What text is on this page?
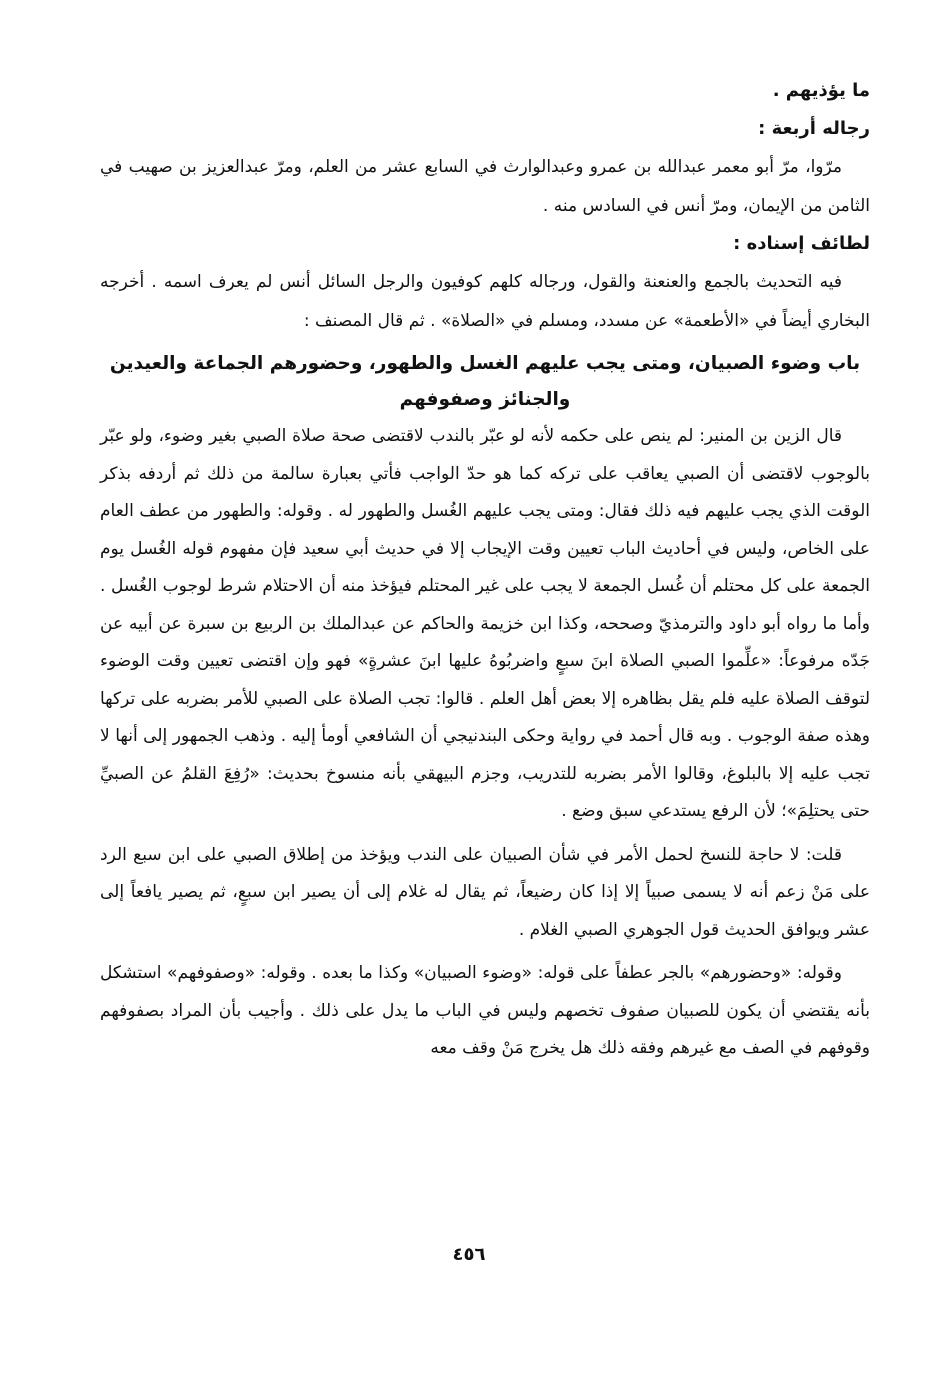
ما يؤذيهم .

رجاله أربعة :

مرّوا، مرّ أبو معمر عبدالله بن عمرو وعبدالوارث في السابع عشر من العلم، ومرّ عبدالعزيز بن صهيب في الثامن من الإيمان، ومرّ أنس في السادس منه .

لطائف إسناده :

فيه التحديث بالجمع والعنعنة والقول، ورجاله كلهم كوفيون والرجل السائل أنس لم يعرف اسمه . أخرجه البخاري أيضاً في «الأطعمة» عن مسدد، ومسلم في «الصلاة» . ثم قال المصنف :

باب وضوء الصبيان، ومتى يجب عليهم الغسل والطهور، وحضورهم الجماعة والعيدين والجنائز وصفوفهم

قال الزين بن المنير: لم ينص على حكمه لأنه لو عبّر بالندب لاقتضى صحة صلاة الصبي بغير وضوء، ولو عبّر بالوجوب لاقتضى أن الصبي يعاقب على تركه كما هو حدّ الواجب فأتي بعبارة سالمة من ذلك ثم أردفه بذكر الوقت الذي يجب عليهم فيه ذلك فقال: ومتى يجب عليهم الغُسل والطهور له . وقوله: والطهور من عطف العام على الخاص، وليس في أحاديث الباب تعيين وقت الإيجاب إلا في حديث أبي سعيد فإن مفهوم قوله الغُسل يوم الجمعة على كل محتلم أن غُسل الجمعة لا يجب على غير المحتلم فيؤخذ منه أن الاحتلام شرط لوجوب الغُسل . وأما ما رواه أبو داود والترمذيّ وصححه، وكذا ابن خزيمة والحاكم عن عبدالملك بن الربيع بن سبرة عن أبيه عن جَدّه مرفوعاً: «علِّموا الصبي الصلاة ابنَ سبعٍ واضربُوهُ عليها ابنَ عشرةٍ» فهو وإن اقتضى تعيين وقت الوضوء لتوقف الصلاة عليه فلم يقل بظاهره إلا بعض أهل العلم . قالوا: تجب الصلاة على الصبي للأمر بضربه على تركها وهذه صفة الوجوب . وبه قال أحمد في رواية وحكى البندنيجي أن الشافعي أومأ إليه . وذهب الجمهور إلى أنها لا تجب عليه إلا بالبلوغ، وقالوا الأمر بضربه للتدريب، وجزم البيهقي بأنه منسوخ بحديث: «رُفِعَ القلمُ عن الصبيِّ حتى يحتلِمَ»؛ لأن الرفع يستدعي سبق وضع .

قلت: لا حاجة للنسخ لحمل الأمر في شأن الصبيان على الندب ويؤخذ من إطلاق الصبي على ابن سبع الرد على مَنْ زعم أنه لا يسمى صبياً إلا إذا كان رضيعاً، ثم يقال له غلام إلى أن يصير ابن سبعٍ، ثم يصير يافعاً إلى عشر ويوافق الحديث قول الجوهري الصبي الغلام .

وقوله: «وحضورهم» بالجر عطفاً على قوله: «وضوء الصبيان» وكذا ما بعده . وقوله: «وصفوفهم» استشكل بأنه يقتضي أن يكون للصبيان صفوف تخصهم وليس في الباب ما يدل على ذلك . وأجيب بأن المراد بصفوفهم وقوفهم في الصف مع غيرهم وفقه ذلك هل يخرج مَنْ وقف معه

٤٥٦
